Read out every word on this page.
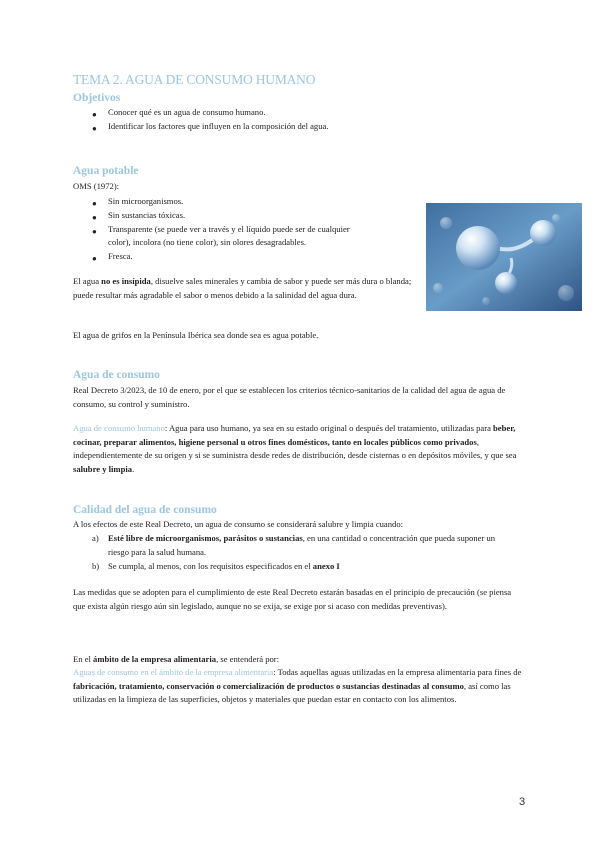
TEMA 2. AGUA DE CONSUMO HUMANO
Objetivos
● Conocer qué es un agua de consumo humano.
● Identificar los factores que influyen en la composición del agua.
Agua potable
OMS (1972):
● Sin microorganismos.
● Sin sustancias tóxicas.
● Transparente (se puede ver a través y el líquido puede ser de cualquier
color), incolora (no tiene color), sin olores desagradables.
● Fresca.
El agua no es insípida, disuelve sales minerales y cambia de sabor y puede ser más dura o blanda; puede resultar más agradable el sabor o menos debido a la salinidad del agua dura.
El agua de grifos en la Península Ibérica sea donde sea es agua potable.
Agua de consumo
Real Decreto 3/2023, de 10 de enero, por el que se establecen los criterios técnico-sanitarios de la calidad del agua de agua de consumo, su control y suministro.
Agua de consumo humano: Agua para uso humano, ya sea en su estado original o después del tratamiento, utilizadas para beber, cocinar, preparar alimentos, higiene personal u otros fines domésticos, tanto en locales públicos como privados, independientemente de su origen y si se suministra desde redes de distribución, desde cisternas o en depósitos móviles, y que sea salubre y limpia.
Calidad del agua de consumo
A los efectos de este Real Decreto, un agua de consumo se considerará salubre y limpia cuando:
a) Esté libre de microorganismos, parásitos o sustancias, en una cantidad o concentración que pueda suponer un riesgo para la salud humana.
b) Se cumpla, al menos, con los requisitos especificados en el anexo I
Las medidas que se adopten para el cumplimiento de este Real Decreto estarán basadas en el principio de precaución (se piensa que exista algún riesgo aún sin legislado, aunque no se exija, se exige por si acaso con medidas preventivas).
En el ámbito de la empresa alimentaria, se entenderá por:
Aguas de consumo en el ámbito de la empresa alimentaria: Todas aquellas aguas utilizadas en la empresa alimentaria para fines de fabricación, tratamiento, conservación o comercialización de productos o sustancias destinadas al consumo, así como las utilizadas en la limpieza de las superficies, objetos y materiales que puedan estar en contacto con los alimentos.
3
